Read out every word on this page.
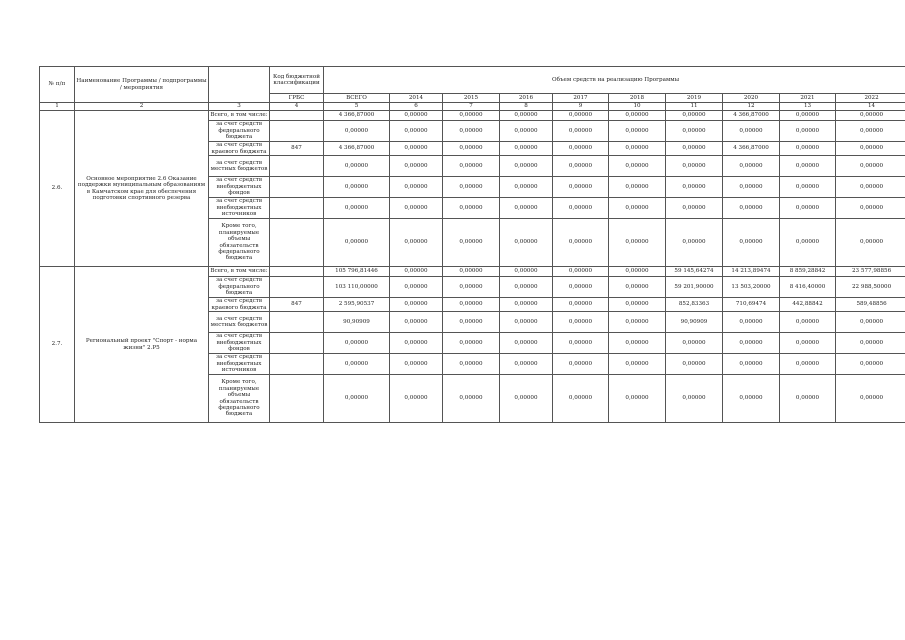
№ п/п	Наименование Программы / подпрограммы / мероприятия		Код бюджетной классификации	Объем средств на реализацию Программы									
			ГРБС	ВСЕГО	2014	2015	2016	2017	2018	2019	2020	2021	2022
1	2	3	4	5	6	7	8	9	10	11	12	13	14
2.6.	Основное мероприятие 2.6 Оказание поддержки муниципальным образованиям в Камчатском крае для обеспечения подготовки спортивного резерва	Всего, в том числе:		4 366,87000	0,00000	0,00000	0,00000	0,00000	0,00000	0,00000	4 366,87000	0,00000	0,00000
		за счет средств федерального бюджета		0,00000	0,00000	0,00000	0,00000	0,00000	0,00000	0,00000	0,00000	0,00000	0,00000
		за счет средств краевого бюджета	847	4 366,87000	0,00000	0,00000	0,00000	0,00000	0,00000	0,00000	4 366,87000	0,00000	0,00000
		за счет средств местных бюджетов		0,00000	0,00000	0,00000	0,00000	0,00000	0,00000	0,00000	0,00000	0,00000	0,00000
		за счет средств внебюджетных фондов		0,00000	0,00000	0,00000	0,00000	0,00000	0,00000	0,00000	0,00000	0,00000	0,00000
		за счет средств внебюджетных источников		0,00000	0,00000	0,00000	0,00000	0,00000	0,00000	0,00000	0,00000	0,00000	0,00000
		Кроме того, планируемые объемы обязательств федерального бюджета		0,00000	0,00000	0,00000	0,00000	0,00000	0,00000	0,00000	0,00000	0,00000	0,00000
2.7.	Региональный проект "Спорт - норма жизни" 2.P5	Всего, в том числе:		105 796,81446	0,00000	0,00000	0,00000	0,00000	0,00000	59 145,64274	14 213,89474	8 859,28842	23 577,98856
		за счет средств федерального бюджета		103 110,00000	0,00000	0,00000	0,00000	0,00000	0,00000	59 201,90000	13 503,20000	8 416,40000	22 988,50000
		за счет средств краевого бюджета	847	2 595,90537	0,00000	0,00000	0,00000	0,00000	0,00000	852,83363	710,69474	442,88842	589,48856
		за счет средств местных бюджетов		90,90909	0,00000	0,00000	0,00000	0,00000	0,00000	90,90909	0,00000	0,00000	0,00000
		за счет средств внебюджетных фондов		0,00000	0,00000	0,00000	0,00000	0,00000	0,00000	0,00000	0,00000	0,00000	0,00000
		за счет средств внебюджетных источников		0,00000	0,00000	0,00000	0,00000	0,00000	0,00000	0,00000	0,00000	0,00000	0,00000
		Кроме того, планируемые объемы обязательств федерального бюджета		0,00000	0,00000	0,00000	0,00000	0,00000	0,00000	0,00000	0,00000	0,00000	0,00000
